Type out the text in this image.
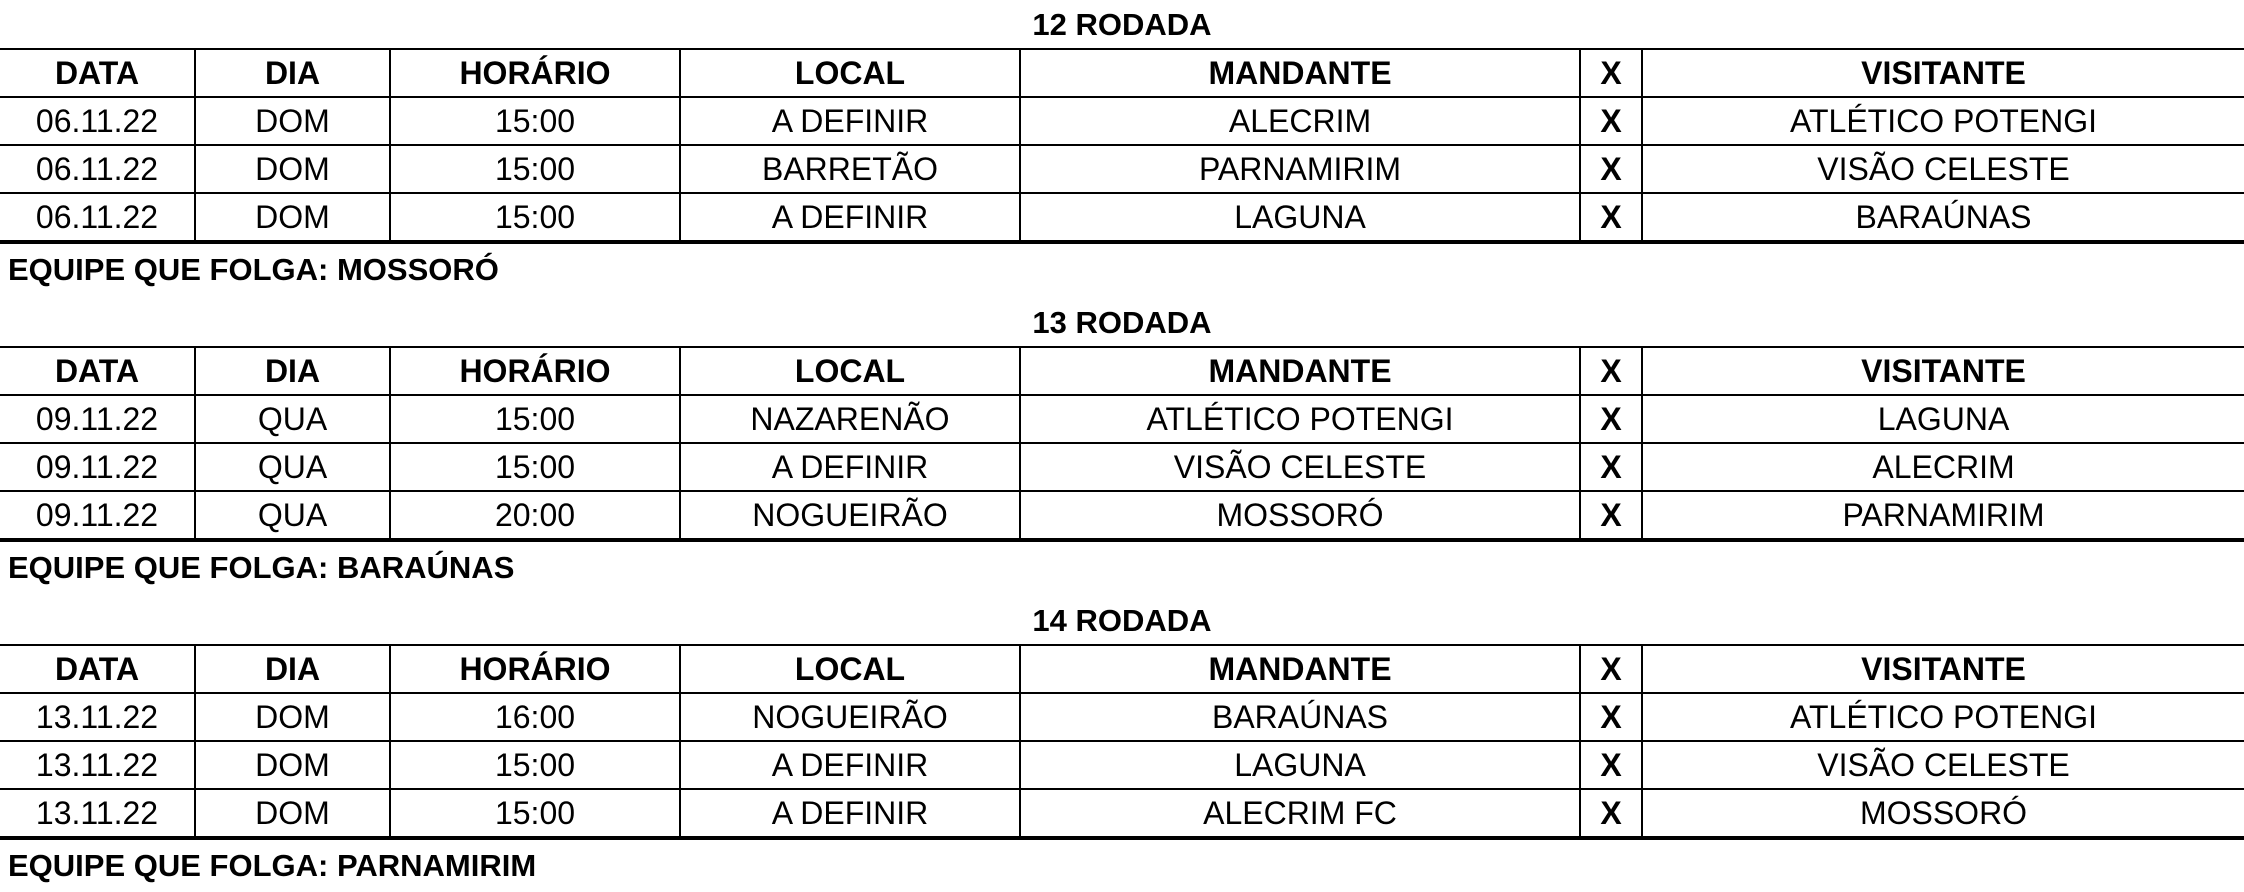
12 RODADA
DATA	DIA	HORÁRIO	LOCAL	MANDANTE	X	VISITANTE
06.11.22	DOM	15:00	A DEFINIR	ALECRIM	X	ATLÉTICO POTENGI
06.11.22	DOM	15:00	BARRETÃO	PARNAMIRIM	X	VISÃO CELESTE
06.11.22	DOM	15:00	A DEFINIR	LAGUNA	X	BARAÚNAS
EQUIPE QUE FOLGA: MOSSORÓ
13 RODADA
DATA	DIA	HORÁRIO	LOCAL	MANDANTE	X	VISITANTE
09.11.22	QUA	15:00	NAZARENÃO	ATLÉTICO POTENGI	X	LAGUNA
09.11.22	QUA	15:00	A DEFINIR	VISÃO CELESTE	X	ALECRIM
09.11.22	QUA	20:00	NOGUEIRÃO	MOSSORÓ	X	PARNAMIRIM
EQUIPE QUE FOLGA: BARAÚNAS
14 RODADA
DATA	DIA	HORÁRIO	LOCAL	MANDANTE	X	VISITANTE
13.11.22	DOM	16:00	NOGUEIRÃO	BARAÚNAS	X	ATLÉTICO POTENGI
13.11.22	DOM	15:00	A DEFINIR	LAGUNA	X	VISÃO CELESTE
13.11.22	DOM	15:00	A DEFINIR	ALECRIM FC	X	MOSSORÓ
EQUIPE QUE FOLGA: PARNAMIRIM
